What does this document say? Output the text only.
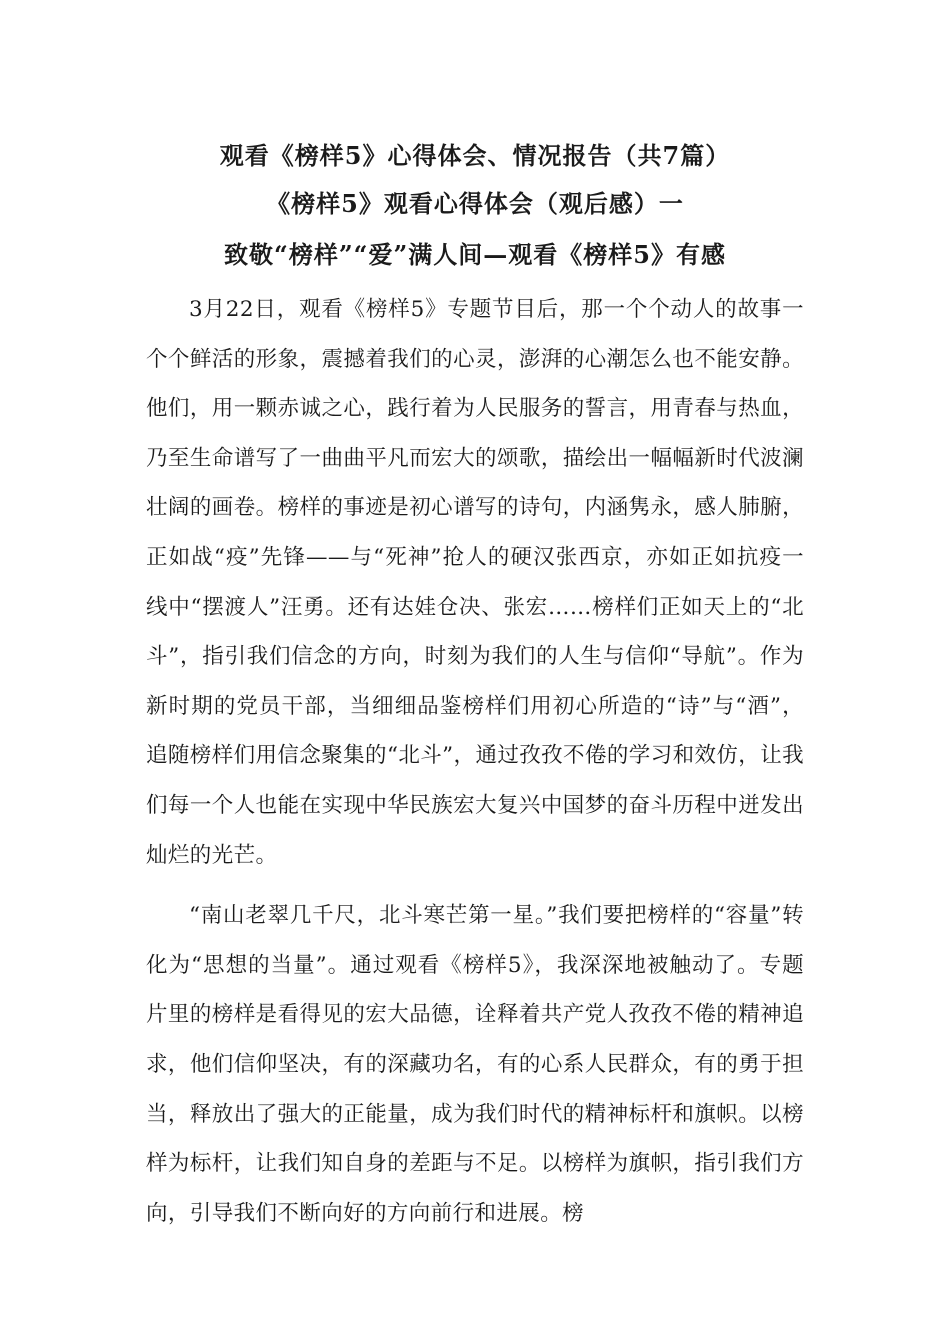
观看《榜样5》心得体会、情况报告（共7篇）
《榜样5》观看心得体会（观后感）一
致敬“榜样”“爱”满人间—观看《榜样5》有感

3月22日，观看《榜样5》专题节目后，那一个个动人的故事一个个鲜活的形象，震撼着我们的心灵，澎湃的心潮怎么也不能安静。他们，用一颗赤诚之心，践行着为人民服务的誓言，用青春与热血，乃至生命谱写了一曲曲平凡而宏大的颂歌，描绘出一幅幅新时代波澜壮阔的画卷。榜样的事迹是初心谱写的诗句，内涵隽永，感人肺腑，正如战“疫”先锋——与“死神”抢人的硬汉张西京，亦如正如抗疫一线中“摆渡人”汪勇。还有达娃仓决、张宏……榜样们正如天上的“北斗”，指引我们信念的方向，时刻为我们的人生与信仰“导航”。作为新时期的党员干部，当细细品鉴榜样们用初心所造的“诗”与“酒”，追随榜样们用信念聚集的“北斗”，通过孜孜不倦的学习和效仿，让我们每一个人也能在实现中华民族宏大复兴中国梦的奋斗历程中迸发出灿烂的光芒。

“南山老翠几千尺，北斗寒芒第一星。”我们要把榜样的“容量”转化为“思想的当量”。通过观看《榜样5》，我深深地被触动了。专题片里的榜样是看得见的宏大品德，诠释着共产党人孜孜不倦的精神追求，他们信仰坚决，有的深藏功名，有的心系人民群众，有的勇于担当，释放出了强大的正能量，成为我们时代的精神标杆和旗帜。以榜样为标杆，让我们知自身的差距与不足。以榜样为旗帜，指引我们方向，引导我们不断向好的方向前行和进展。榜
